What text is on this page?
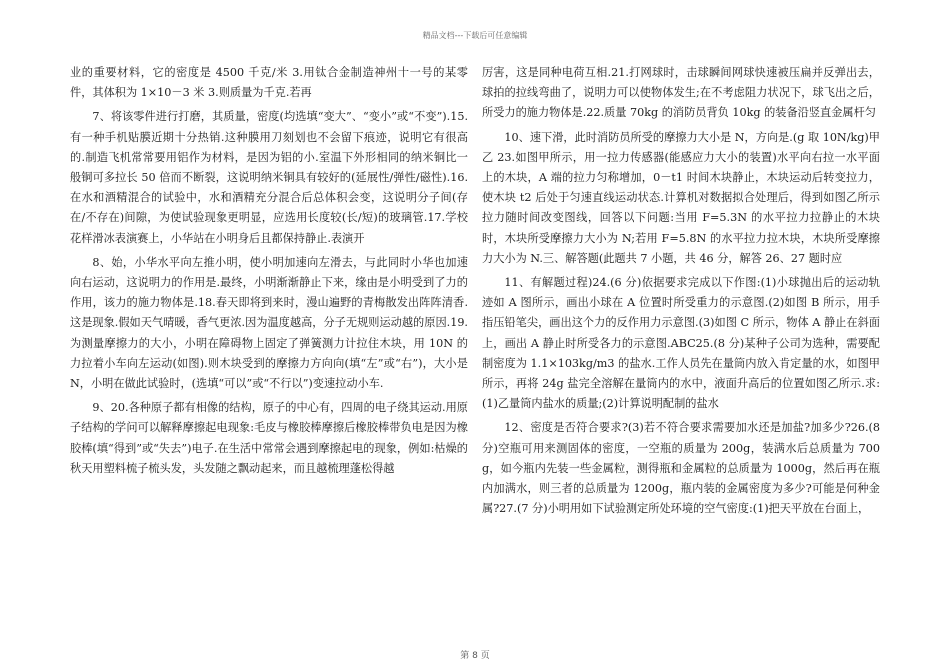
精品文档---下载后可任意编辑

业的重要材料，它的密度是 4500 千克/米 3.用钛合金制造神州十一号的某零件，其体积为 1×10－3 米 3.则质量为千克.若再

7、将该零件进行打磨，其质量，密度(均选填“变大”、“变小”或“不变”).15.有一种手机贴膜近期十分热销.这种膜用刀刻划也不会留下痕迹，说明它有很高的.制造飞机常常要用铝作为材料，是因为铝的小.室温下外形相同的纳米铜比一般铜可多拉长 50 倍而不断裂，这说明纳米铜具有较好的(延展性/弹性/磁性).16.在水和酒精混合的试验中，水和酒精充分混合后总体积会变，这说明分子间(存在/不存在)间隙，为使试验现象更明显，应选用长度较(长/短)的玻璃管.17.学校花样滑冰表演赛上，小华站在小明身后且都保持静止.表演开

8、始，小华水平向左推小明，使小明加速向左滑去，与此同时小华也加速向右运动，这说明力的作用是.最终，小明渐渐静止下来，缘由是小明受到了力的作用，该力的施力物体是.18.春天即将到来时，漫山遍野的青梅散发出阵阵清香.这是现象.假如天气晴暖，香气更浓.因为温度越高，分子无规则运动越的原因.19.为测量摩擦力的大小，小明在障碍物上固定了弹簧测力计拉住木块，用 10N 的力拉着小车向左运动(如图).则木块受到的摩擦力方向向(填“左”或“右”)，大小是 N，小明在做此试验时，(选填“可以”或“不行以”)变速拉动小车.

9、20.各种原子都有相像的结构，原子的中心有，四周的电子绕其运动.用原子结构的学问可以解释摩擦起电现象:毛皮与橡胶棒摩擦后橡胶棒带负电是因为橡胶棒(填“得到”或“失去”)电子.在生活中常常会遇到摩擦起电的现象，例如:枯燥的秋天用塑料梳子梳头发，头发随之飘动起来，而且越梳理蓬松得越

厉害，这是同种电荷互相.21.打网球时，击球瞬间网球快速被压扁并反弹出去，球拍的拉线弯曲了，说明力可以使物体发生;在不考虑阻力状况下，球飞出之后，所受力的施力物体是.22.质量 70kg 的消防员背负 10kg 的装备沿竖直金属杆匀

10、速下滑，此时消防员所受的摩擦力大小是 N，方向是.(g 取 10N/kg)甲乙 23.如图甲所示，用一拉力传感器(能感应力大小的装置)水平向右拉一水平面上的木块，A 端的拉力匀称增加，0－t1 时间木块静止，木块运动后转变拉力，使木块 t2 后处于匀速直线运动状态.计算机对数据拟合处理后，得到如图乙所示拉力随时间改变图线，回答以下问题:当用 F=5.3N 的水平拉力拉静止的木块时，木块所受摩擦力大小为 N;若用 F=5.8N 的水平拉力拉木块，木块所受摩擦力大小为 N.三、解答题(此题共 7 小题，共 46 分，解答 26、27 题时应

11、有解题过程)24.(6 分)依据要求完成以下作图:(1)小球抛出后的运动轨迹如 A 图所示，画出小球在 A 位置时所受重力的示意图.(2)如图 B 所示，用手指压铅笔尖，画出这个力的反作用力示意图.(3)如图 C 所示，物体 A 静止在斜面上，画出 A 静止时所受各力的示意图.ABC25.(8 分)某种子公司为选种，需要配制密度为 1.1×103kg/m3 的盐水.工作人员先在量筒内放入肯定量的水，如图甲所示，再将 24g 盐完全溶解在量筒内的水中，液面升高后的位置如图乙所示.求:(1)乙量筒内盐水的质量;(2)计算说明配制的盐水

12、密度是否符合要求?(3)若不符合要求需要加水还是加盐?加多少?26.(8 分)空瓶可用来测固体的密度，一空瓶的质量为 200g，装满水后总质量为 700g，如今瓶内先装一些金属粒，测得瓶和金属粒的总质量为 1000g，然后再在瓶内加满水，则三者的总质量为 1200g，瓶内装的金属密度为多少?可能是何种金属?27.(7 分)小明用如下试验测定所处环境的空气密度:(1)把天平放在台面上，

第 8 页
